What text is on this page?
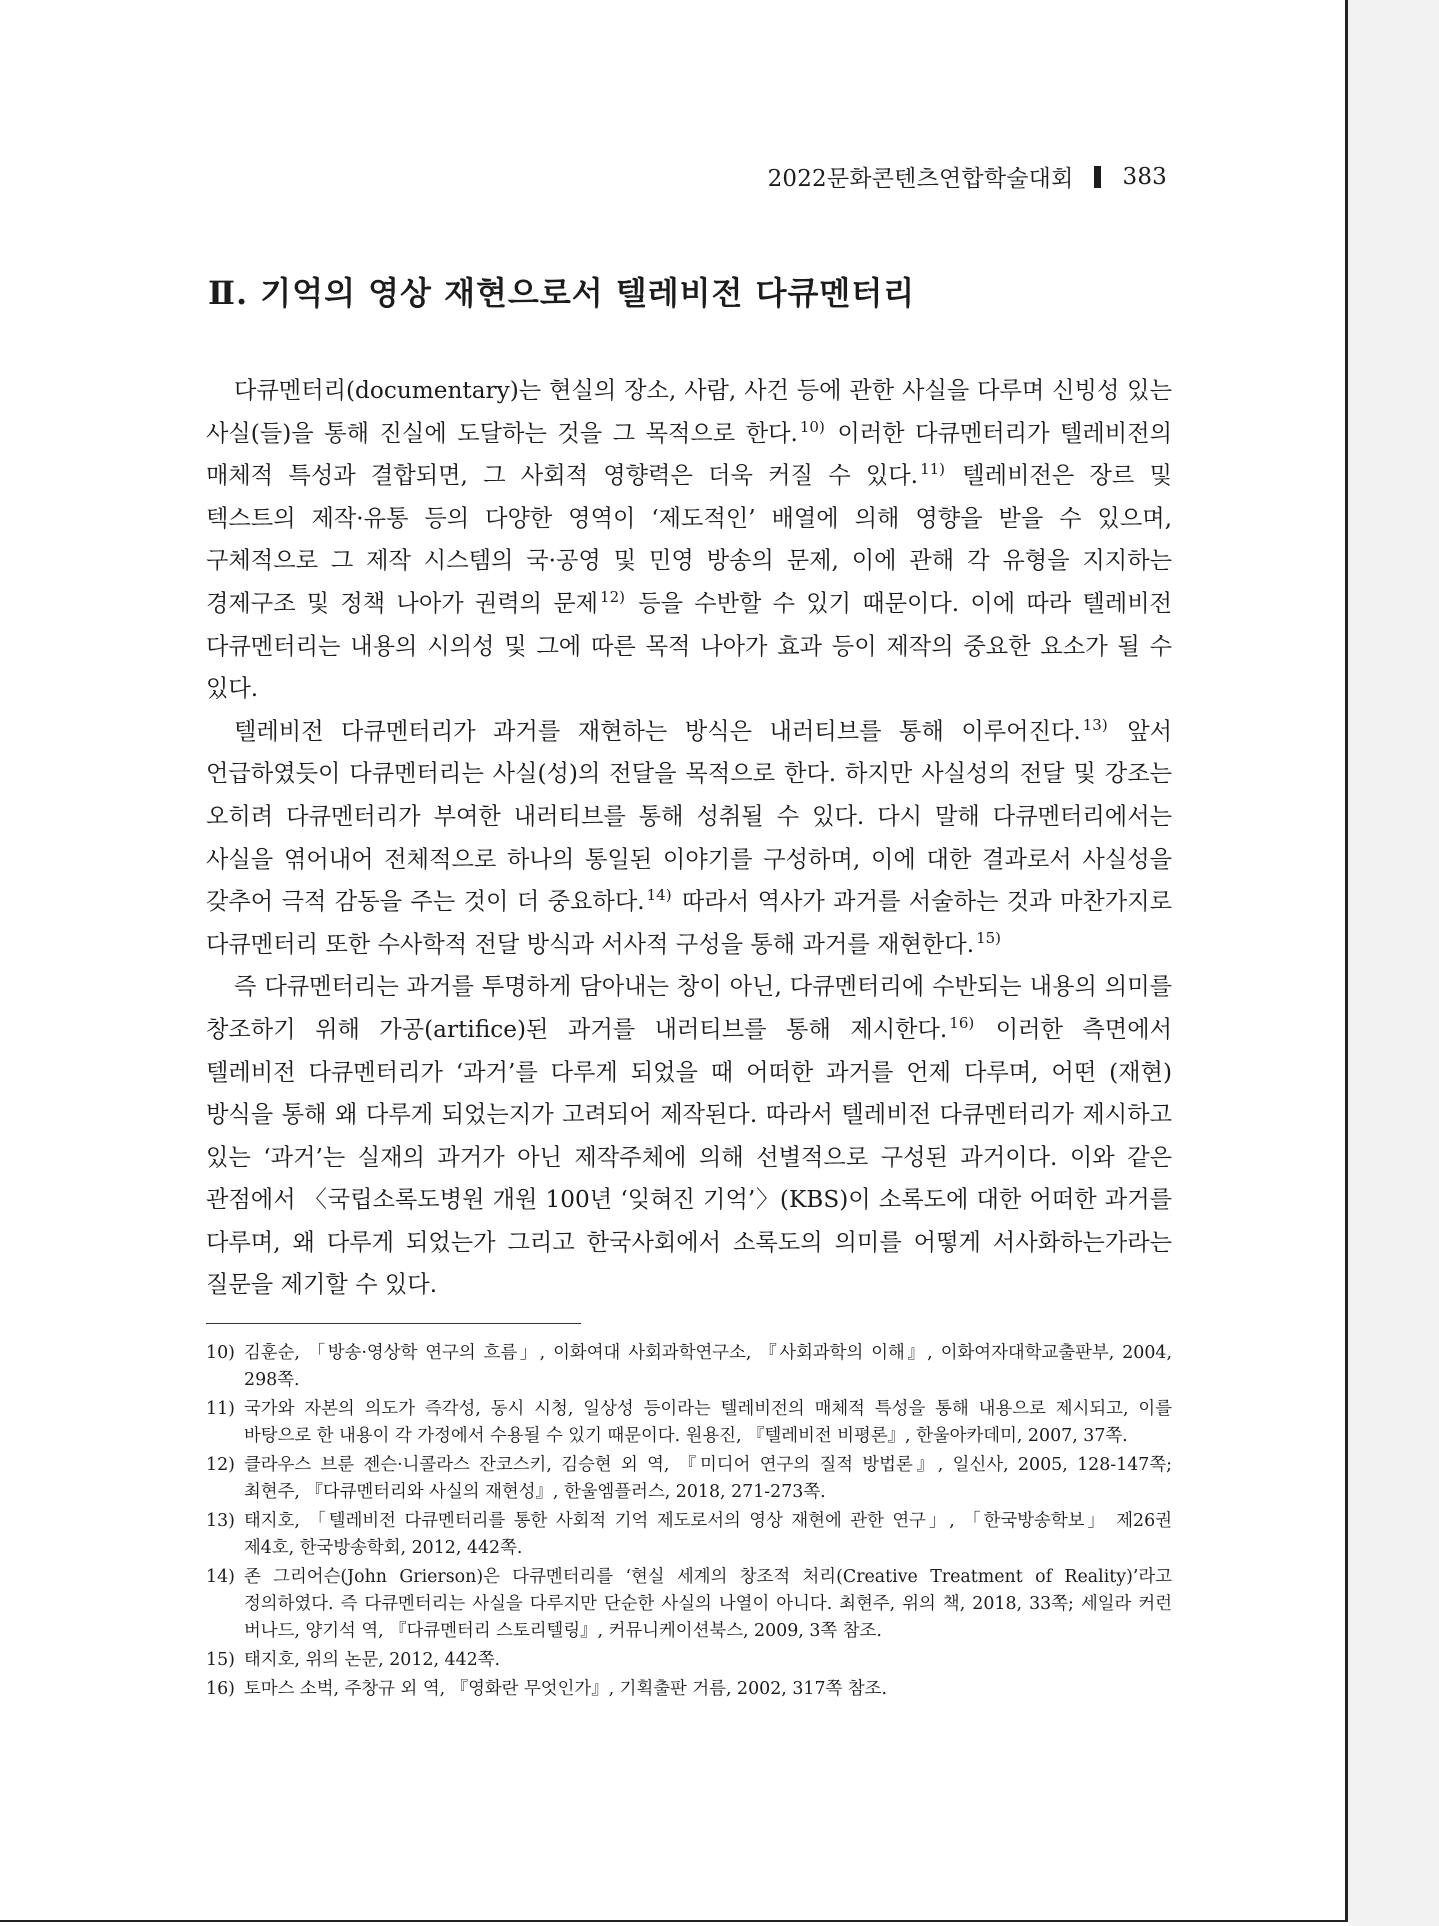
2022문화콘텐츠연합학술대회 383
Ⅱ. 기억의 영상 재현으로서 텔레비전 다큐멘터리

다큐멘터리(documentary)는 현실의 장소, 사람, 사건 등에 관한 사실을 다루며 신빙성 있는 사실(들)을 통해 진실에 도달하는 것을 그 목적으로 한다. $^{10)}$ 이러한 다큐멘터리가 텔레비전의 매체적 특성과 결합되면, 그 사회적 영향력은 더욱 커질 수 있다. $^{11)}$ 텔레비전은 장르 및 텍스트의 제작·유통 등의 다양한 영역이 ‘제도적인’ 배열에 의해 영향을 받을 수 있으며, 구체적으로 그 제작 시스템의 국·공영 및 민영 방송의 문제, 이에 관해 각 유형을 지지하는 경제구조 및 정책 나아가 권력의 문제 $^{12)}$ 등을 수반할 수 있기 때문이다. 이에 따라 텔레비전 다큐멘터리는 내용의 시의성 및 그에 따른 목적 나아가 효과 등이 제작의 중요한 요소가 될 수 있다.

텔레비전 다큐멘터리가 과거를 재현하는 방식은 내러티브를 통해 이루어진다. $^{13)}$ 앞서 언급하였듯이 다큐멘터리는 사실(성)의 전달을 목적으로 한다. 하지만 사실성의 전달 및 강조는 오히려 다큐멘터리가 부여한 내러티브를 통해 성취될 수 있다. 다시 말해 다큐멘터리에서는 사실을 엮어내어 전체적으로 하나의 통일된 이야기를 구성하며, 이에 대한 결과로서 사실성을 갖추어 극적 감동을 주는 것이 더 중요하다. $^{14)}$ 따라서 역사가 과거를 서술하는 것과 마찬가지로 다큐멘터리 또한 수사학적 전달 방식과 서사적 구성을 통해 과거를 재현한다. $^{15)}$

즉 다큐멘터리는 과거를 투명하게 담아내는 창이 아닌, 다큐멘터리에 수반되는 내용의 의미를 창조하기 위해 가공(artifice)된 과거를 내러티브를 통해 제시한다. $^{16)}$ 이러한 측면에서 텔레비전 다큐멘터리가 ‘과거’를 다루게 되었을 때 어떠한 과거를 언제 다루며, 어떤 (재현) 방식을 통해 왜 다루게 되었는지가 고려되어 제작된다. 따라서 텔레비전 다큐멘터리가 제시하고 있는 ‘과거’는 실재의 과거가 아닌 제작주체에 의해 선별적으로 구성된 과거이다. 이와 같은 관점에서 〈국립소록도병원 개원 100년 ‘잊혀진 기억’〉(KBS)이 소록도에 대한 어떠한 과거를 다루며, 왜 다루게 되었는가 그리고 한국사회에서 소록도의 의미를 어떻게 서사화하는가라는 질문을 제기할 수 있다.

10) 김훈순, 「방송·영상학 연구의 흐름」, 이화여대 사회과학연구소, 『사회과학의 이해』, 이화여자대학교출판부, 2004, 298쪽.
11) 국가와 자본의 의도가 즉각성, 동시 시청, 일상성 등이라는 텔레비전의 매체적 특성을 통해 내용으로 제시되고, 이를 바탕으로 한 내용이 각 가정에서 수용될 수 있기 때문이다. 원용진, 『텔레비전 비평론』, 한울아카데미, 2007, 37쪽.
12) 클라우스 브룬 젠슨·니콜라스 잔코스키, 김승현 외 역, 『미디어 연구의 질적 방법론』, 일신사, 2005, 128-147쪽; 최현주, 『다큐멘터리와 사실의 재현성』, 한울엠플러스, 2018, 271-273쪽.
13) 태지호, 「텔레비전 다큐멘터리를 통한 사회적 기억 제도로서의 영상 재현에 관한 연구」, 「한국방송학보」 제26권 제4호, 한국방송학회, 2012, 442쪽.
14) 존 그리어슨(John Grierson)은 다큐멘터리를 ‘현실 세계의 창조적 처리(Creative Treatment of Reality)’라고 정의하였다. 즉 다큐멘터리는 사실을 다루지만 단순한 사실의 나열이 아니다. 최현주, 위의 책, 2018, 33쪽; 세일라 커런 버나드, 양기석 역, 『다큐멘터리 스토리텔링』, 커뮤니케이션북스, 2009, 3쪽 참조.
15) 태지호, 위의 논문, 2012, 442쪽.
16) 토마스 소벅, 주창규 외 역, 『영화란 무엇인가』, 기획출판 거름, 2002, 317쪽 참조.
